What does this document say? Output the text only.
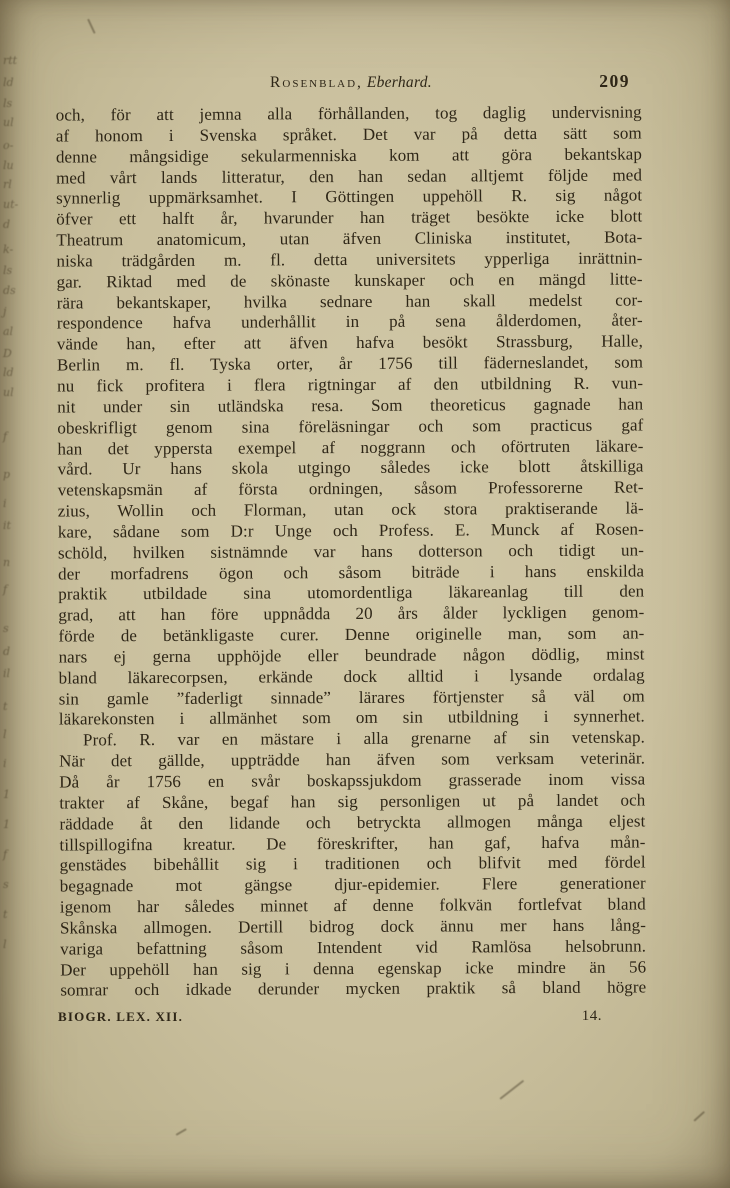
Rosenblad, Eberhard.	209
och, för att jemna alla förhållanden, tog daglig undervisning
af honom i Svenska språket. Det var på detta sätt som
denne mångsidige sekularmenniska kom att göra bekantskap
med vårt lands litteratur, den han sedan alltjemt följde med
synnerlig uppmärksamhet. I Göttingen uppehöll R. sig något
öfver ett halft år, hvarunder han träget besökte icke blott
Theatrum anatomicum, utan äfven Cliniska institutet, Bota-
niska trädgården m. fl. detta universitets ypperliga inrättnin-
gar. Riktad med de skönaste kunskaper och en mängd litte-
rära bekantskaper, hvilka sednare han skall medelst cor-
respondence hafva underhållit in på sena ålderdomen, åter-
vände han, efter att äfven hafva besökt Strassburg, Halle,
Berlin m. fl. Tyska orter, år 1756 till fäderneslandet, som
nu fick profitera i flera rigtningar af den utbildning R. vun-
nit under sin utländska resa. Som theoreticus gagnade han
obeskrifligt genom sina föreläsningar och som practicus gaf
han det yppersta exempel af noggrann och oförtruten läkare-
vård. Ur hans skola utgingo således icke blott åtskilliga
vetenskapsmän af första ordningen, såsom Professorerne Ret-
zius, Wollin och Florman, utan ock stora praktiserande lä-
kare, sådane som D:r Unge och Profess. E. Munck af Rosen-
schöld, hvilken sistnämnde var hans dotterson och tidigt un-
der morfadrens ögon och såsom biträde i hans enskilda
praktik utbildade sina utomordentliga läkareanlag till den
grad, att han före uppnådda 20 års ålder lyckligen genom-
förde de betänkligaste curer. Denne originelle man, som an-
nars ej gerna upphöjde eller beundrade någon dödlig, minst
bland läkarecorpsen, erkände dock alltid i lysande ordalag
sin gamle ”faderligt sinnade” lärares förtjenster så väl om
läkarekonsten i allmänhet som om sin utbildning i synnerhet.
Prof. R. var en mästare i alla grenarne af sin vetenskap.
När det gällde, uppträdde han äfven som verksam veterinär.
Då år 1756 en svår boskapssjukdom grasserade inom vissa
trakter af Skåne, begaf han sig personligen ut på landet och
räddade åt den lidande och betryckta allmogen många eljest
tillspillogifna kreatur. De föreskrifter, han gaf, hafva mån-
genstädes bibehållit sig i traditionen och blifvit med fördel
begagnade mot gängse djur-epidemier. Flere generationer
igenom har således minnet af denne folkvän fortlefvat bland
Skånska allmogen. Dertill bidrog dock ännu mer hans lång-
variga befattning såsom Intendent vid Ramlösa helsobrunn.
Der uppehöll han sig i denna egenskap icke mindre än 56
somrar och idkade derunder mycken praktik så bland högre
BIOGR. LEX. XII.	14.
rtt
ld
ls
ul
o-
lu
rl
ut-
d
k-
ls
ds
j
al
D
ld
ul
f
p
i
it
n
f
s
d
il
t
l
i
1
1
f
s
t
l
